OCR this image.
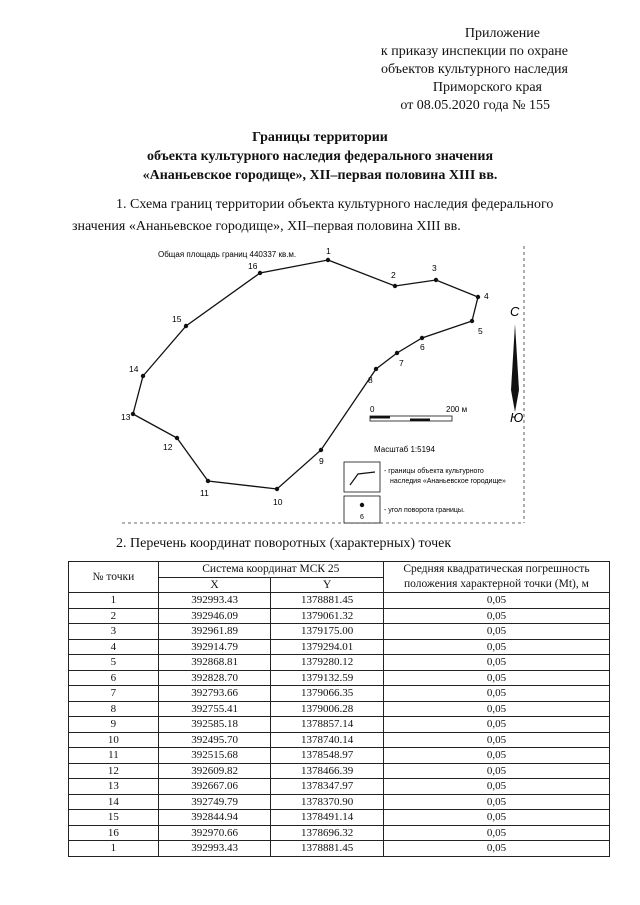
Приложение
к приказу инспекции по охране
объектов культурного наследия
Приморского края
от 08.05.2020 года № 155
Границы территории
объекта культурного наследия федерального значения
«Ананьевское городище», XII–первая половина XIII вв.
1. Схема границ территории объекта культурного наследия федерального значения «Ананьевское городище», XII–первая половина XIII вв.
Общая площадь границ 440337 кв.м.	1
2
3
4
5
6
7
8
9
10
11
12
13
14
15
16
С
Ю
0	200 м
Масштаб 1:5194
- границы объекта культурного наследия «Ананьевское городище»
6
- угол поворота границы.
2. Перечень координат поворотных (характерных) точек
№ точки	Система координат МСК 25		Средняя квадратическая погрешность положения характерной точки (Mt), м
	X	Y	
1	392993.43	1378881.45	0,05
2	392946.09	1379061.32	0,05
3	392961.89	1379175.00	0,05
4	392914.79	1379294.01	0,05
5	392868.81	1379280.12	0,05
6	392828.70	1379132.59	0,05
7	392793.66	1379066.35	0,05
8	392755.41	1379006.28	0,05
9	392585.18	1378857.14	0,05
10	392495.70	1378740.14	0,05
11	392515.68	1378548.97	0,05
12	392609.82	1378466.39	0,05
13	392667.06	1378347.97	0,05
14	392749.79	1378370.90	0,05
15	392844.94	1378491.14	0,05
16	392970.66	1378696.32	0,05
1	392993.43	1378881.45	0,05
